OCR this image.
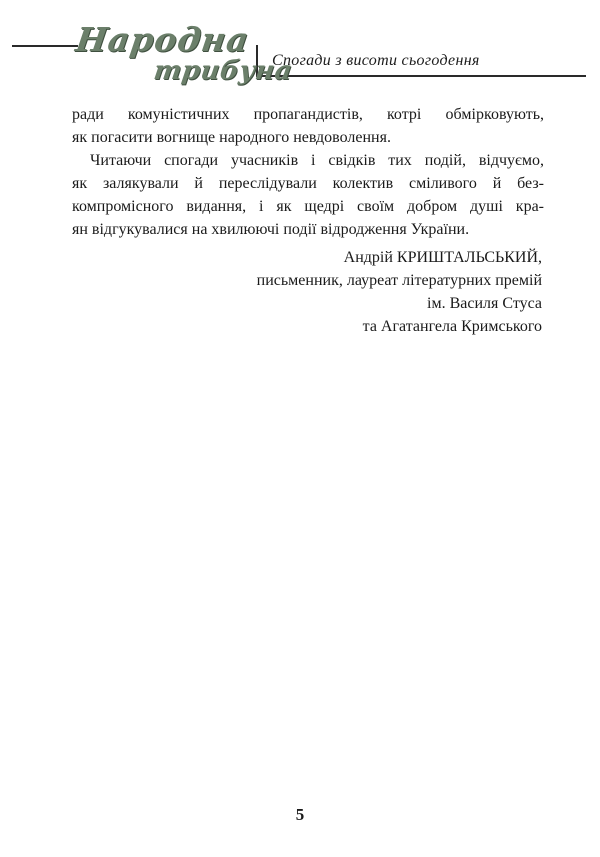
Народна
трибуна
Спогади з висоти сьогодення
ради комуністичних пропагандистів, котрі обмірковують,
як погасити вогнище народного невдоволення.
Читаючи спогади учасників і свідків тих подій, відчуємо,
як залякували й переслідували колектив сміливого й без-
компромісного видання, і як щедрі своїм добром душі кра-
ян відгукувалися на хвилюючі події відродження України.
Андрій КРИШТАЛЬСЬКИЙ,
письменник, лауреат літературних премій
ім. Василя Стуса
та Агатангела Кримського
5
